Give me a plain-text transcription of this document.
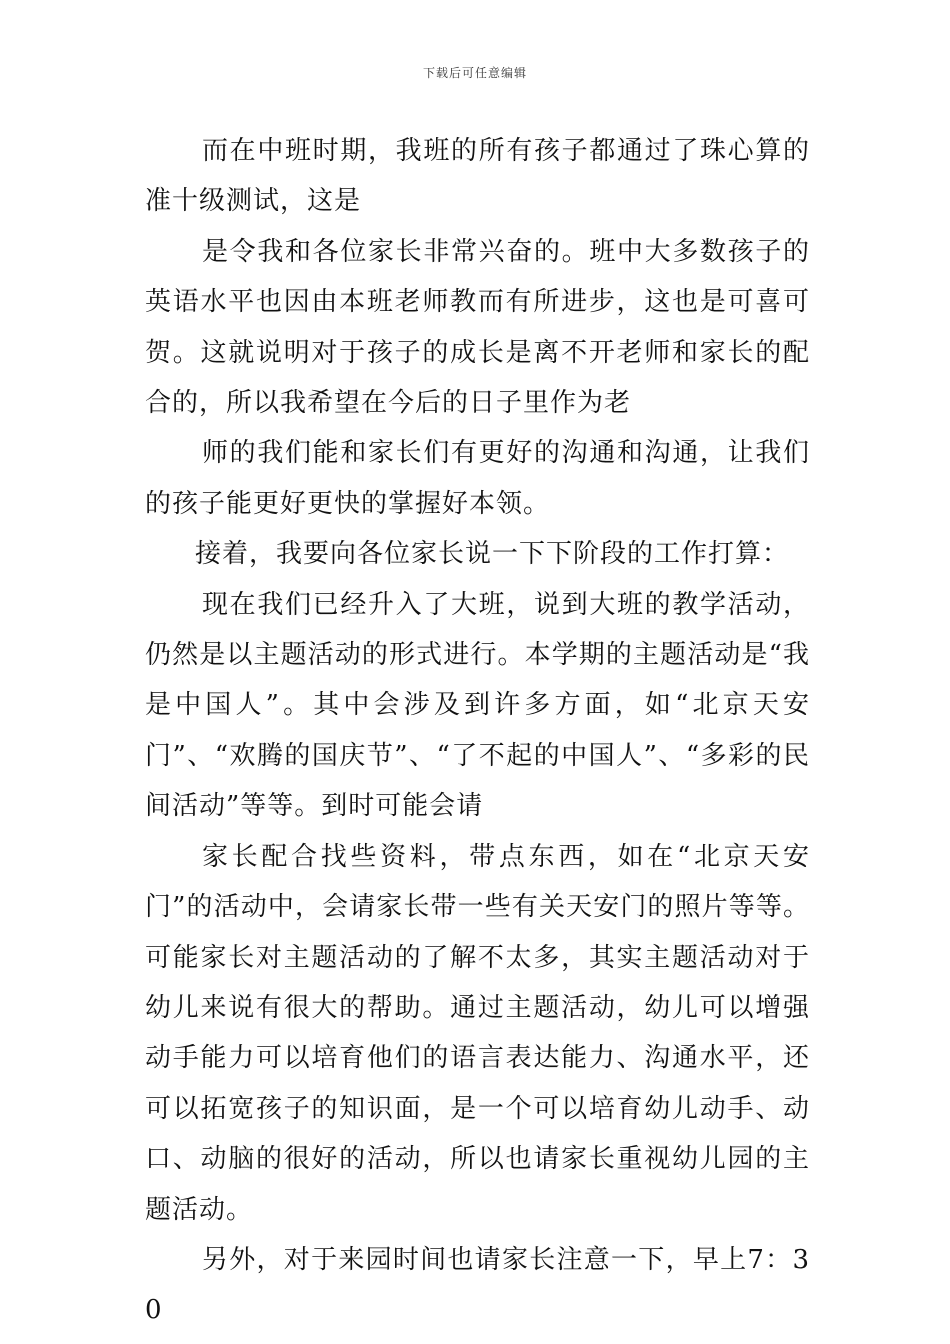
下载后可任意编辑

而在中班时期，我班的所有孩子都通过了珠心算的准十级测试，这是

是令我和各位家长非常兴奋的。班中大多数孩子的英语水平也因由本班老师教而有所进步，这也是可喜可贺。这就说明对于孩子的成长是离不开老师和家长的配合的，所以我希望在今后的日子里作为老

师的我们能和家长们有更好的沟通和沟通，让我们的孩子能更好更快的掌握好本领。

接着，我要向各位家长说一下下阶段的工作打算：

现在我们已经升入了大班，说到大班的教学活动，仍然是以主题活动的形式进行。本学期的主题活动是“我是中国人”。其中会涉及到许多方面，如“北京天安门”、“欢腾的国庆节”、“了不起的中国人”、“多彩的民间活动”等等。到时可能会请

家长配合找些资料，带点东西，如在“北京天安门”的活动中，会请家长带一些有关天安门的照片等等。可能家长对主题活动的了解不太多，其实主题活动对于幼儿来说有很大的帮助。通过主题活动，幼儿可以增强动手能力可以培育他们的语言表达能力、沟通水平，还可以拓宽孩子的知识面，是一个可以培育幼儿动手、动口、动脑的很好的活动，所以也请家长重视幼儿园的主题活动。

另外，对于来园时间也请家长注意一下，早上7：30
